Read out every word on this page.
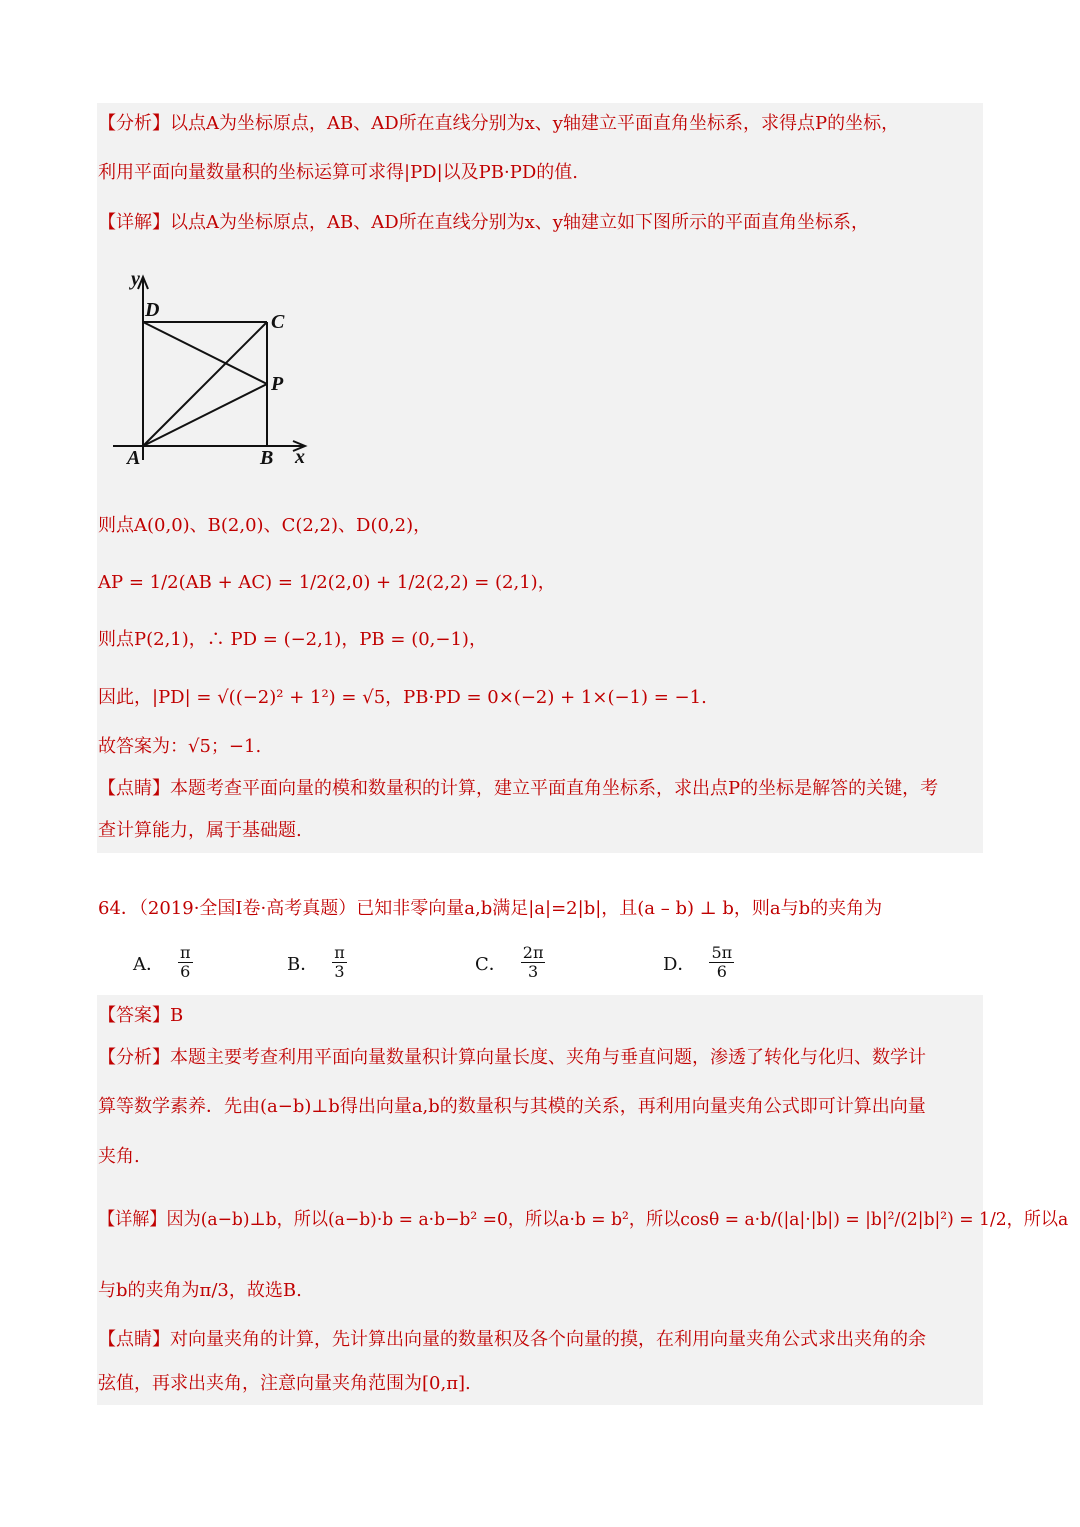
【分析】以点A为坐标原点，AB、AD所在直线分别为x、y轴建立平面直角坐标系，求得点P的坐标，
利用平面向量数量积的坐标运算可求得|PD|以及PB·PD的值.
【详解】以点A为坐标原点，AB、AD所在直线分别为x、y轴建立如下图所示的平面直角坐标系，
y
D
C
P
A	B x
则点A(0,0)、B(2,0)、C(2,2)、D(0,2)，
AP = 1/2(AB + AC) = 1/2(2,0) + 1/2(2,2) = (2,1)，
则点P(2,1)，∴ PD = (−2,1)，PB = (0,−1)，
因此，|PD| = √((−2)² + 1²) = √5，PB·PD = 0×(−2) + 1×(−1) = −1.
故答案为：√5；−1.
【点睛】本题考查平面向量的模和数量积的计算，建立平面直角坐标系，求出点P的坐标是解答的关键，考
查计算能力，属于基础题.
64．（2019·全国I卷·高考真题）已知非零向量a,b满足|a|=2|b|，且(a – b) ⊥ b，则a与b的夹角为
A． $\frac{\pi}{6}$	B． $\frac{\pi}{3}$	C． $\frac{2\pi}{3}$	D． $\frac{5\pi}{6}$
【答案】B
【分析】本题主要考查利用平面向量数量积计算向量长度、夹角与垂直问题，渗透了转化与化归、数学计
算等数学素养．先由(a−b)⊥b得出向量a,b的数量积与其模的关系，再利用向量夹角公式即可计算出向量
夹角.
【详解】因为(a−b)⊥b，所以(a−b)·b = a·b−b² =0，所以a·b = b²，所以cosθ = a·b/(|a|·|b|) = |b|²/(2|b|²) = 1/2，所以a
与b的夹角为π/3，故选B.
【点睛】对向量夹角的计算，先计算出向量的数量积及各个向量的摸，在利用向量夹角公式求出夹角的余
弦值，再求出夹角，注意向量夹角范围为[0,π].
